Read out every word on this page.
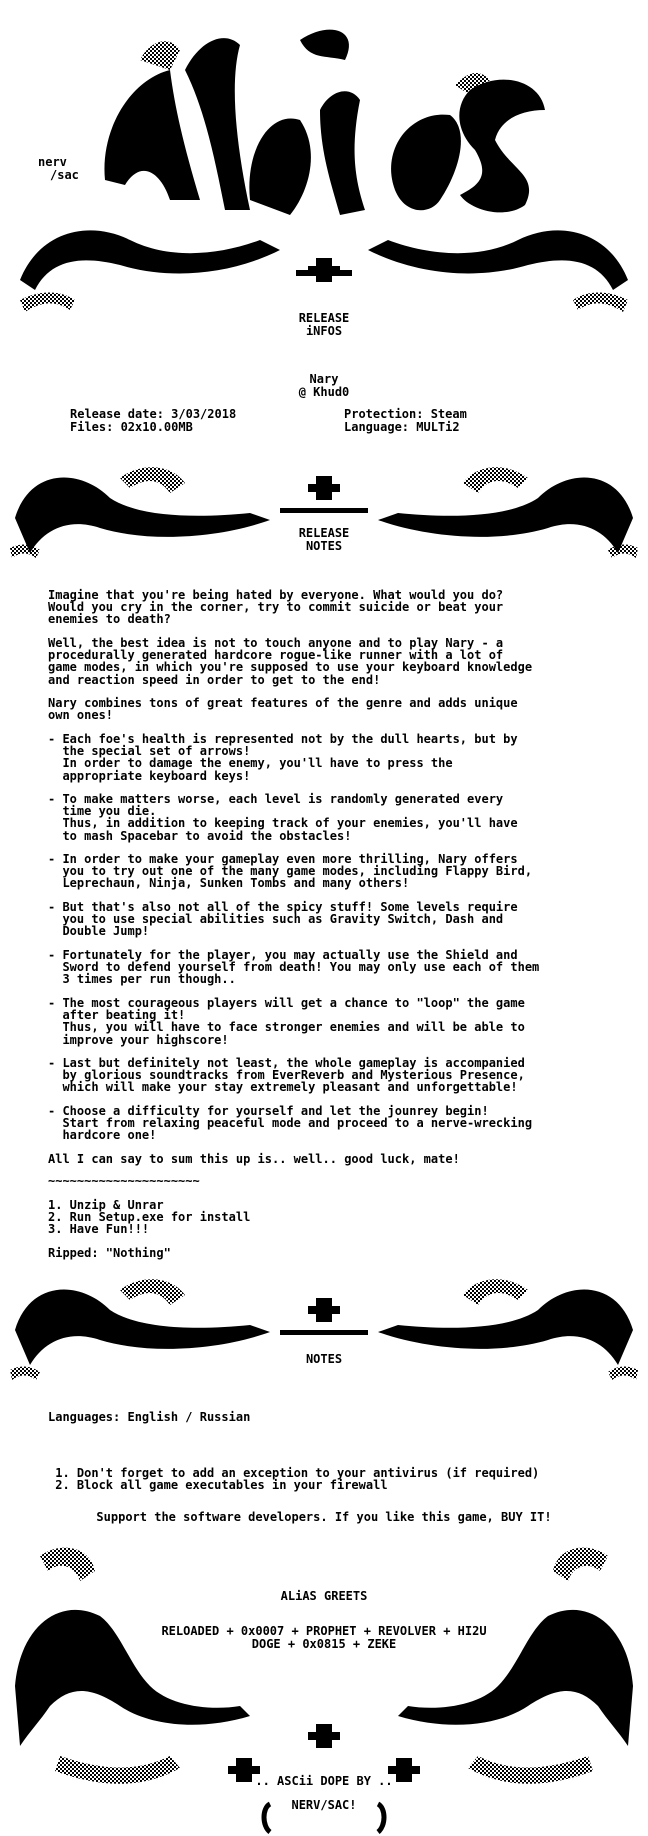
nerv
/sac
RELEASE
iNFOS
Nary
@ Khud0
Release date: 3/03/2018
Files: 02x10.00MB
Protection: Steam
Language: MULTi2
RELEASE
NOTES
Imagine that you're being hated by everyone. What would you do?
Would you cry in the corner, try to commit suicide or beat your
enemies to death?
Well, the best idea is not to touch anyone and to play Nary - a
procedurally generated hardcore rogue-like runner with a lot of
game modes, in which you're supposed to use your keyboard knowledge
and reaction speed in order to get to the end!
Nary combines tons of great features of the genre and adds unique
own ones!
- Each foe's health is represented not by the dull hearts, but by
the special set of arrows!
In order to damage the enemy, you'll have to press the
appropriate keyboard keys!
- To make matters worse, each level is randomly generated every
time you die.
Thus, in addition to keeping track of your enemies, you'll have
to mash Spacebar to avoid the obstacles!
- In order to make your gameplay even more thrilling, Nary offers
you to try out one of the many game modes, including Flappy Bird,
Leprechaun, Ninja, Sunken Tombs and many others!
- But that's also not all of the spicy stuff! Some levels require
you to use special abilities such as Gravity Switch, Dash and
Double Jump!
- Fortunately for the player, you may actually use the Shield and
Sword to defend yourself from death! You may only use each of them
3 times per run though..
- The most courageous players will get a chance to "loop" the game
after beating it!
Thus, you will have to face stronger enemies and will be able to
improve your highscore!
- Last but definitely not least, the whole gameplay is accompanied
by glorious soundtracks from EverReverb and Mysterious Presence,
which will make your stay extremely pleasant and unforgettable!
- Choose a difficulty for yourself and let the jounrey begin!
Start from relaxing peaceful mode and proceed to a nerve-wrecking
hardcore one!
All I can say to sum this up is.. well.. good luck, mate!
~~~~~~~~~~~~~~~~~~~~~
1. Unzip & Unrar
2. Run Setup.exe for install
3. Have Fun!!!
Ripped: "Nothing"
NOTES
Languages: English / Russian
1. Don't forget to add an exception to your antivirus (if required)
2. Block all game executables in your firewall
Support the software developers. If you like this game, BUY IT!
ALiAS GREETS
RELOADED + 0x0007 + PROPHET + REVOLVER + HI2U
DOGE + 0x0815 + ZEKE
.. ASCii DOPE BY ..
NERV/SAC!
